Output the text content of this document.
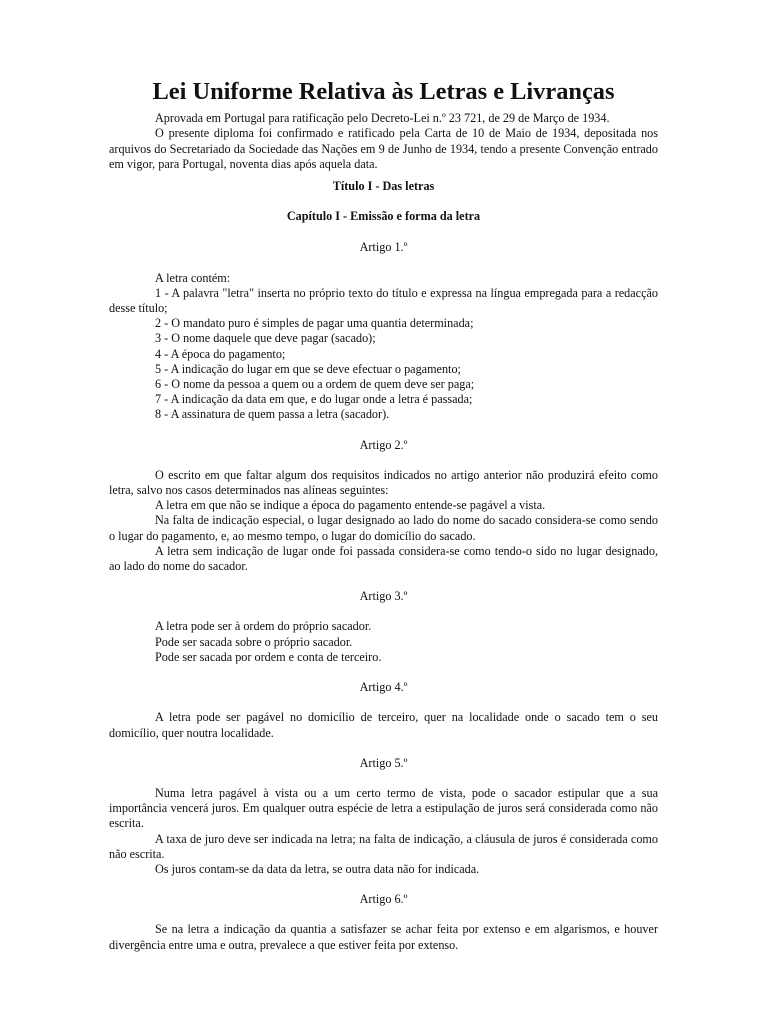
Lei Uniforme Relativa às Letras e Livranças

Aprovada em Portugal para ratificação pelo Decreto-Lei n.º 23 721, de 29 de Março de 1934.

O presente diploma foi confirmado e ratificado pela Carta de 10 de Maio de 1934, depositada nos arquivos do Secretariado da Sociedade das Nações em 9 de Junho de 1934, tendo a presente Convenção entrado em vigor, para Portugal, noventa dias após aquela data.

Título I - Das letras

Capítulo I - Emissão e forma da letra

Artigo 1.º

A letra contém:

1 - A palavra "letra" inserta no próprio texto do título e expressa na língua empregada para a redacção desse título;

2 - O mandato puro é simples de pagar uma quantia determinada;

3 - O nome daquele que deve pagar (sacado);

4 - A época do pagamento;

5 - A indicação do lugar em que se deve efectuar o pagamento;

6 - O nome da pessoa a quem ou a ordem de quem deve ser paga;

7 - A indicação da data em que, e do lugar onde a letra é passada;

8 - A assinatura de quem passa a letra (sacador).

Artigo 2.º

O escrito em que faltar algum dos requisitos indicados no artigo anterior não produzirá efeito como letra, salvo nos casos determinados nas alíneas seguintes:

A letra em que não se indique a época do pagamento entende-se pagável a vista.

Na falta de indicação especial, o lugar designado ao lado do nome do sacado considera-se como sendo o lugar do pagamento, e, ao mesmo tempo, o lugar do domicílio do sacado.

A letra sem indicação de lugar onde foi passada considera-se como tendo-o sido no lugar designado, ao lado do nome do sacador.

Artigo 3.º

A letra pode ser à ordem do próprio sacador.

Pode ser sacada sobre o próprio sacador.

Pode ser sacada por ordem e conta de terceiro.

Artigo 4.º

A letra pode ser pagável no domicílio de terceiro, quer na localidade onde o sacado tem o seu domicílio, quer noutra localidade.

Artigo 5.º

Numa letra pagável à vista ou a um certo termo de vista, pode o sacador estipular que a sua importância vencerá juros. Em qualquer outra espécie de letra a estipulação de juros será considerada como não escrita.

A taxa de juro deve ser indicada na letra; na falta de indicação, a cláusula de juros é considerada como não escrita.

Os juros contam-se da data da letra, se outra data não for indicada.

Artigo 6.º

Se na letra a indicação da quantia a satisfazer se achar feita por extenso e em algarismos, e houver divergência entre uma e outra, prevalece a que estiver feita por extenso.
